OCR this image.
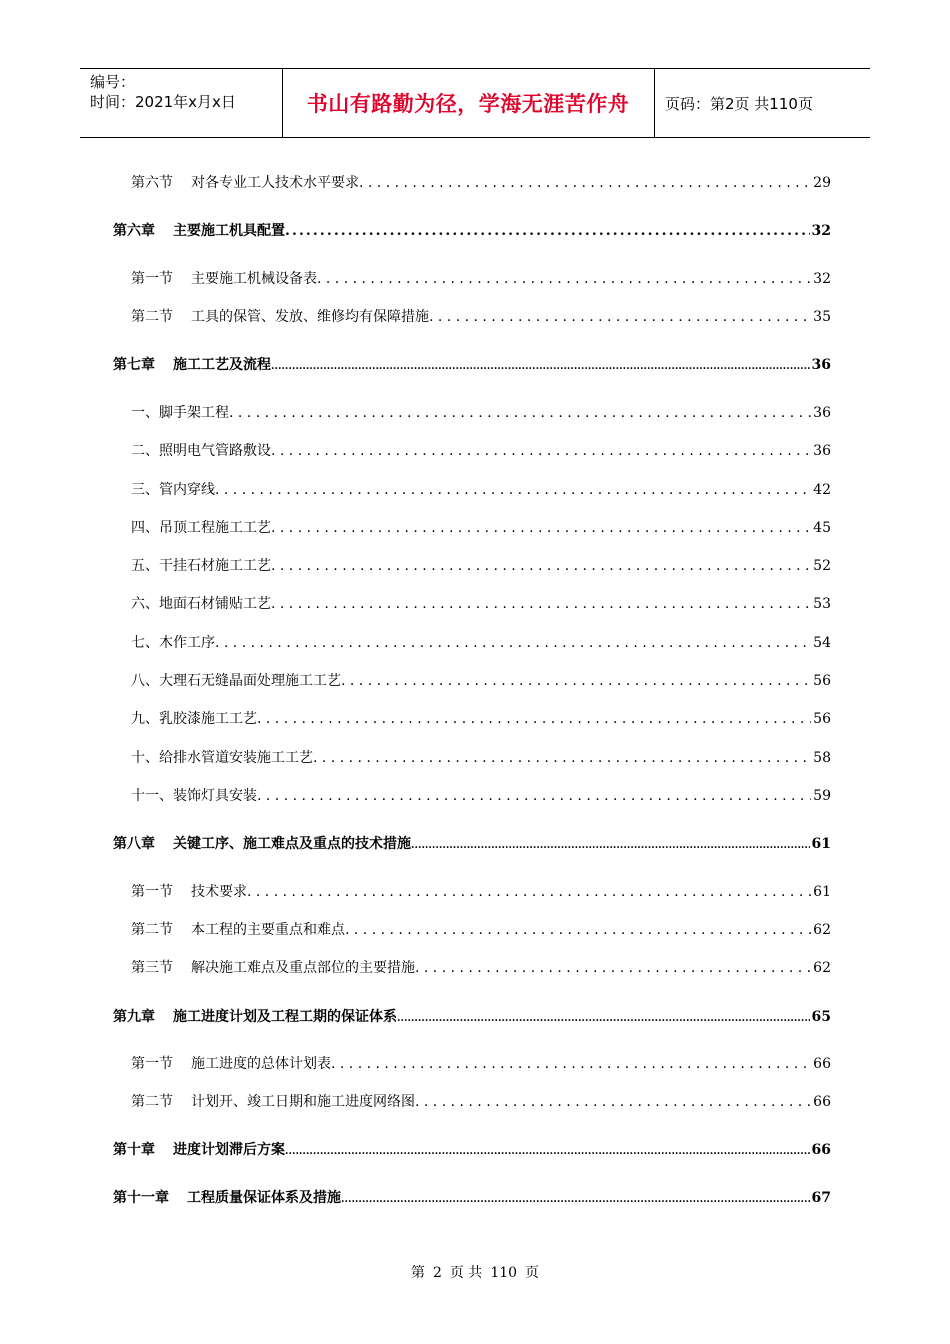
编号：
时间：2021年x月x日	书山有路勤为径，学海无涯苦作舟	页码：第2页 共110页
第六节 对各专业工人技术水平要求 . . .	29
第六章 主要施工机具配置 .....	32
第一节 主要施工机械设备表 . . .	32
第二节 工具的保管、发放、维修均有保障措施 . . .	35
第七章 施工工艺及流程 .....	36
一、脚手架工程 . . .	36
二、照明电气管路敷设 . . .	36
三、管内穿线 . . .	42
四、吊顶工程施工工艺 . . .	45
五、干挂石材施工工艺 . . .	52
六、地面石材铺贴工艺 . . .	53
七、木作工序 . . .	54
八、大理石无缝晶面处理施工工艺 . . .	56
九、乳胶漆施工工艺 . . .	56
十、给排水管道安装施工工艺 . . .	58
十一、装饰灯具安装 . . .	59
第八章 关键工序、施工难点及重点的技术措施 .....	61
第一节 技术要求 . . .	61
第二节 本工程的主要重点和难点 . . .	62
第三节 解决施工难点及重点部位的主要措施 . . .	62
第九章 施工进度计划及工程工期的保证体系 .....	65
第一节 施工进度的总体计划表 . . .	66
第二节 计划开、竣工日期和施工进度网络图 . . .	66
第十章 进度计划滞后方案 .....	66
第十一章 工程质量保证体系及措施 .....	67
第 2 页 共 110 页
